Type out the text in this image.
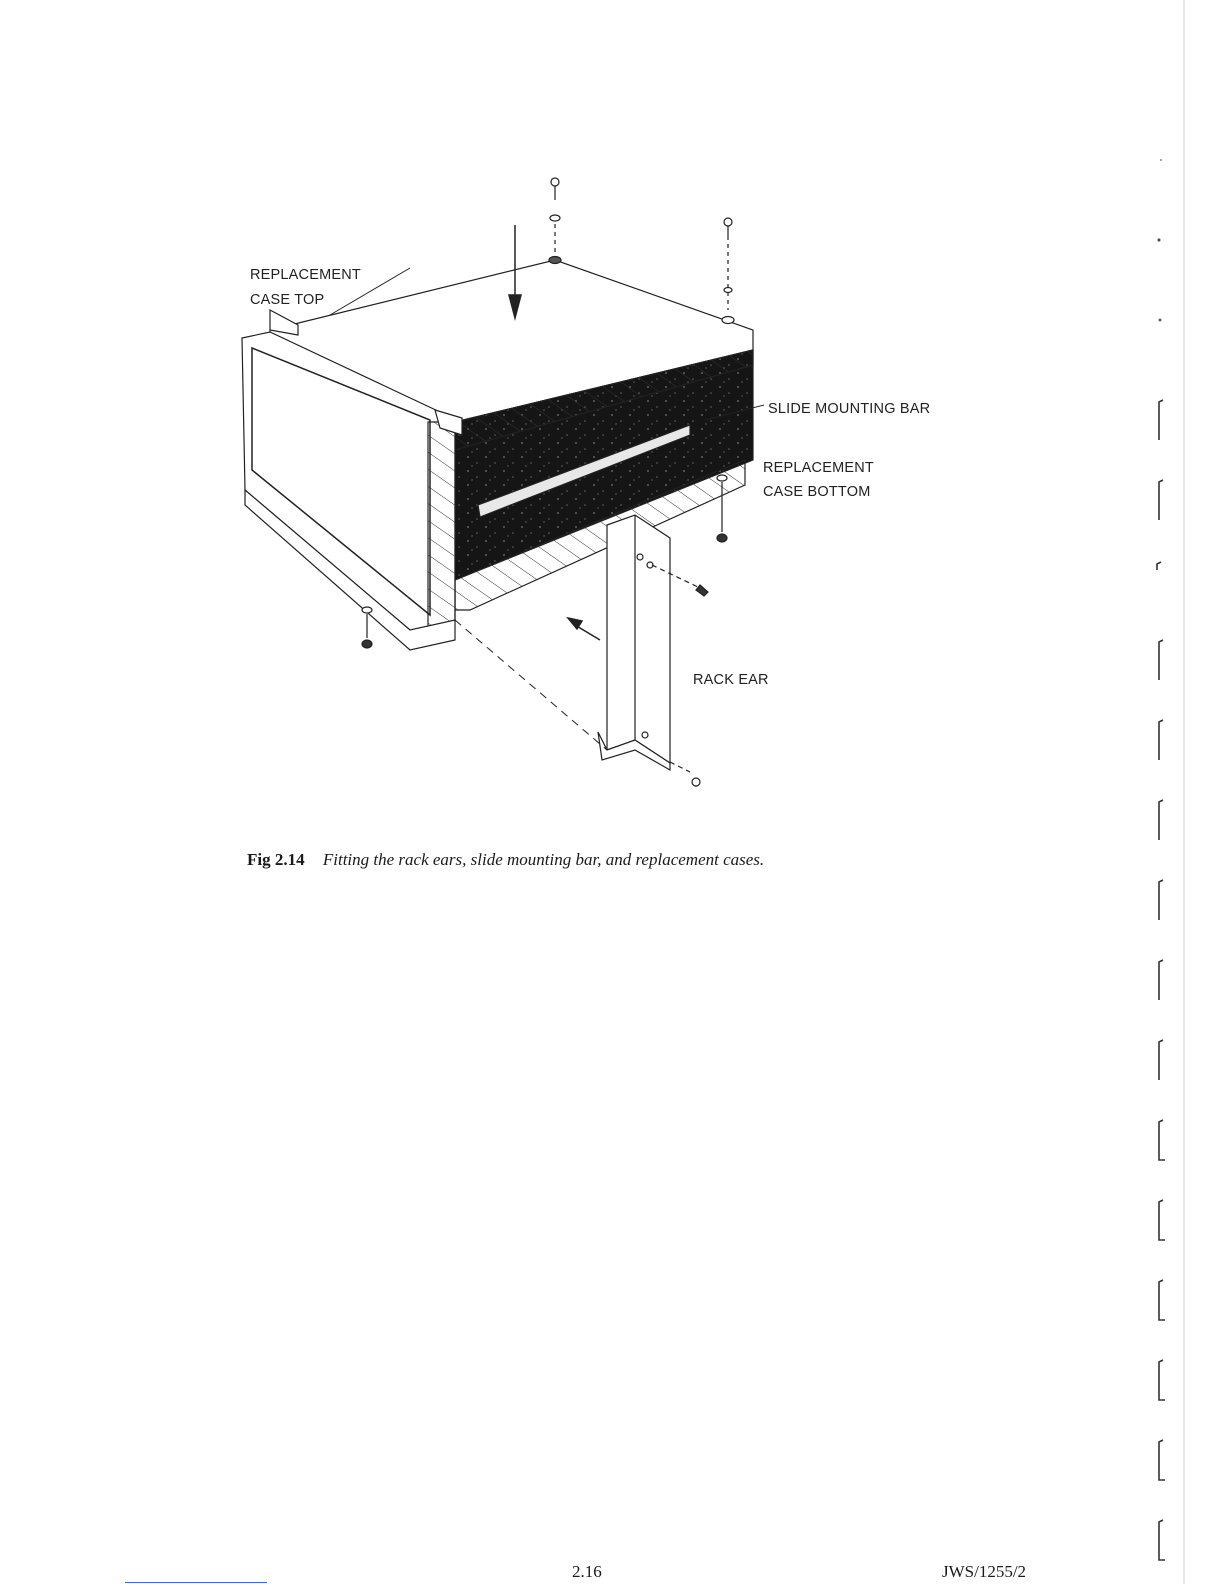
REPLACEMENT
CASE TOP
SLIDE MOUNTING BAR
REPLACEMENT
CASE BOTTOM
RACK EAR
Fig 2.14 Fitting the rack ears, slide mounting bar, and replacement cases.
2.16	JWS/1255/2
